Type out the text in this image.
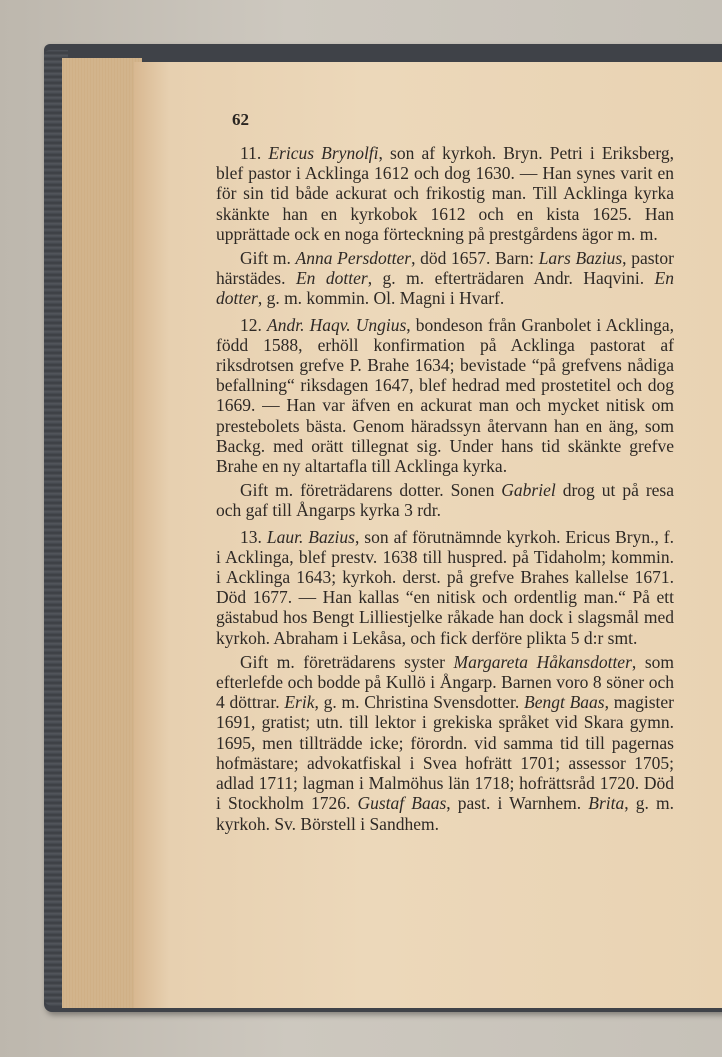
62

11. Ericus Brynolfi, son af kyrkoh. Bryn. Petri i Eriksberg, blef pastor i Acklinga 1612 och dog 1630. — Han synes varit en för sin tid både ackurat och frikostig man. Till Acklinga kyrka skänkte han en kyrkobok 1612 och en kista 1625. Han upprättade ock en noga förteckning på prestgårdens ägor m. m.

Gift m. Anna Persdotter, död 1657. Barn: Lars Bazius, pastor härstädes. En dotter, g. m. efterträdaren Andr. Haqvini. En dotter, g. m. kommin. Ol. Magni i Hvarf.

12. Andr. Haqv. Ungius, bondeson från Granbolet i Acklinga, född 1588, erhöll konfirmation på Acklinga pastorat af riksdrotsen grefve P. Brahe 1634; bevistade “på grefvens nådiga befallning“ riksdagen 1647, blef hedrad med prostetitel och dog 1669. — Han var äfven en ackurat man och mycket nitisk om prestebolets bästa. Genom häradssyn återvann han en äng, som Backg. med orätt tillegnat sig. Under hans tid skänkte grefve Brahe en ny altartafla till Acklinga kyrka.

Gift m. företrädarens dotter. Sonen Gabriel drog ut på resa och gaf till Ångarps kyrka 3 rdr.

13. Laur. Bazius, son af förutnämnde kyrkoh. Ericus Bryn., f. i Acklinga, blef prestv. 1638 till huspred. på Tidaholm; kommin. i Acklinga 1643; kyrkoh. derst. på grefve Brahes kallelse 1671. Död 1677. — Han kallas “en nitisk och ordentlig man.“ På ett gästabud hos Bengt Lilliestjelke råkade han dock i slagsmål med kyrkoh. Abraham i Lekåsa, och fick derföre plikta 5 d:r smt.

Gift m. företrädarens syster Margareta Håkansdotter, som efterlefde och bodde på Kullö i Ångarp. Barnen voro 8 söner och 4 döttrar. Erik, g. m. Christina Svensdotter. Bengt Baas, magister 1691, gratist; utn. till lektor i grekiska språket vid Skara gymn. 1695, men tillträdde icke; förordn. vid samma tid till pagernas hofmästare; advokatfiskal i Svea hofrätt 1701; assessor 1705; adlad 1711; lagman i Malmöhus län 1718; hofrättsråd 1720. Död i Stockholm 1726. Gustaf Baas, past. i Warnhem. Brita, g. m. kyrkoh. Sv. Börstell i Sandhem.
